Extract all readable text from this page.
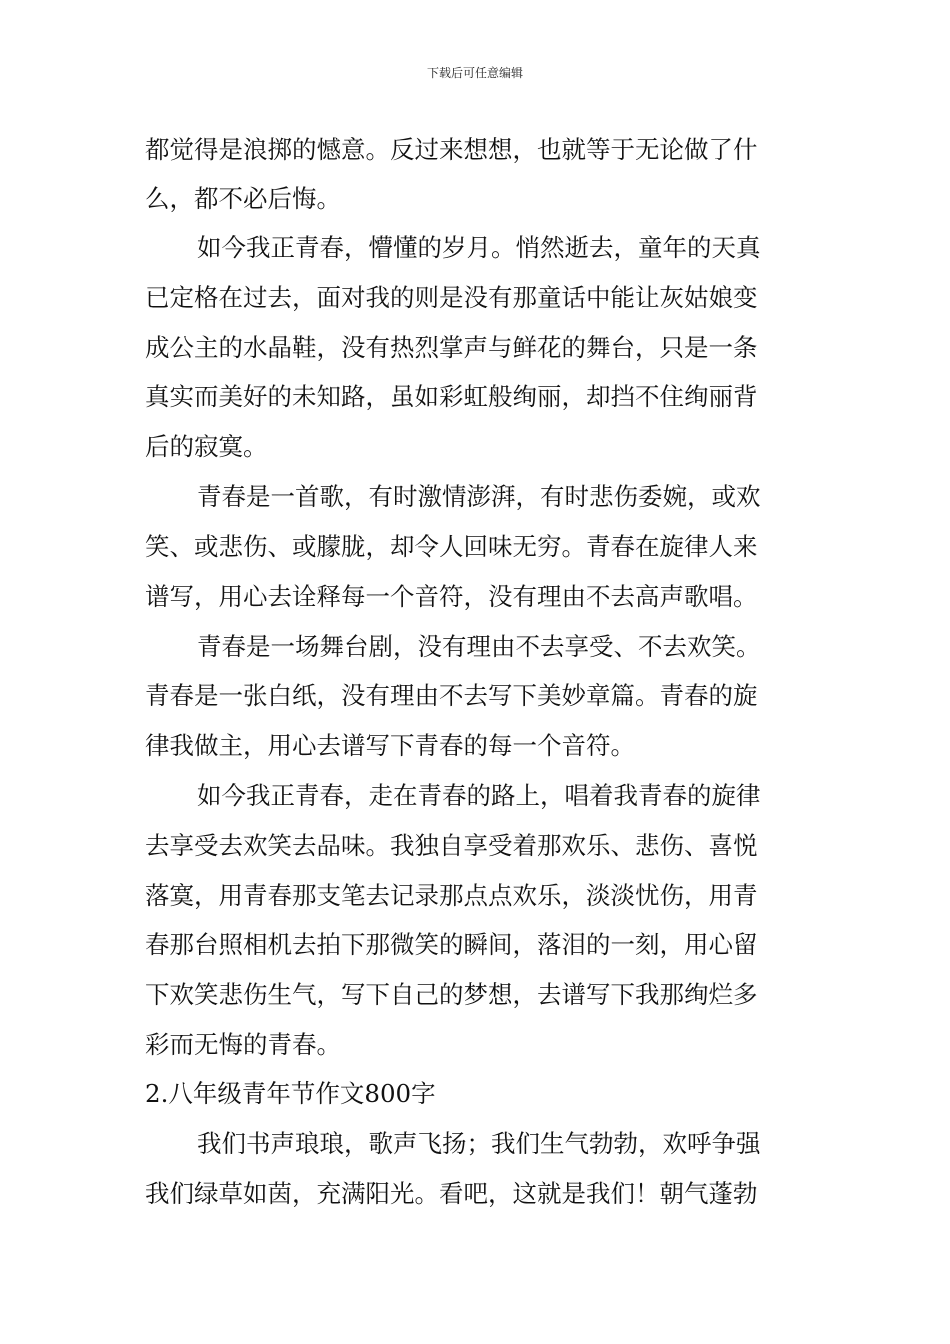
下载后可任意编辑
都觉得是浪掷的憾意。反过来想想，也就等于无论做了什
么，都不必后悔。
如今我正青春，懵懂的岁月。悄然逝去，童年的天真
已定格在过去，面对我的则是没有那童话中能让灰姑娘变
成公主的水晶鞋，没有热烈掌声与鲜花的舞台，只是一条
真实而美好的未知路，虽如彩虹般绚丽，却挡不住绚丽背
后的寂寞。
青春是一首歌，有时激情澎湃，有时悲伤委婉，或欢
笑、或悲伤、或朦胧，却令人回味无穷。青春在旋律人来
谱写，用心去诠释每一个音符，没有理由不去高声歌唱。
青春是一场舞台剧，没有理由不去享受、不去欢笑。
青春是一张白纸，没有理由不去写下美妙章篇。青春的旋
律我做主，用心去谱写下青春的每一个音符。
如今我正青春，走在青春的路上，唱着我青春的旋律
去享受去欢笑去品味。我独自享受着那欢乐、悲伤、喜悦
落寞，用青春那支笔去记录那点点欢乐，淡淡忧伤，用青
春那台照相机去拍下那微笑的瞬间，落泪的一刻，用心留
下欢笑悲伤生气，写下自己的梦想，去谱写下我那绚烂多
彩而无悔的青春。
2.八年级青年节作文800字
我们书声琅琅，歌声飞扬；我们生气勃勃，欢呼争强
我们绿草如茵，充满阳光。看吧，这就是我们！朝气蓬勃
